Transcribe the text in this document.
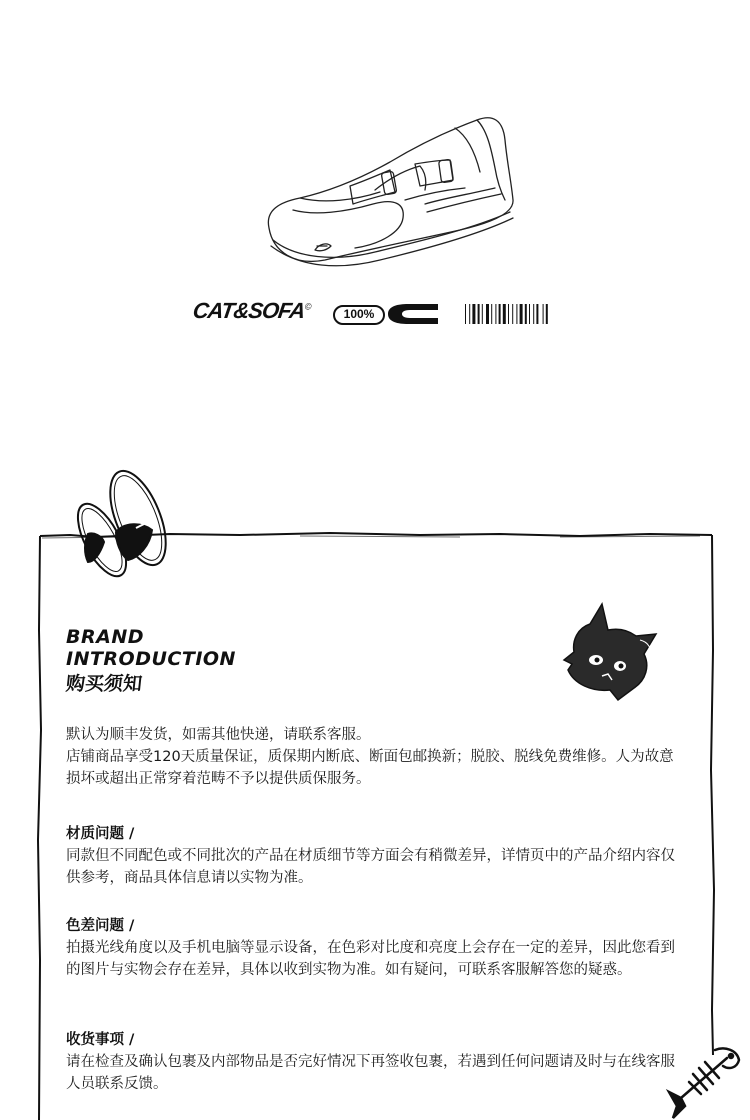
CAT&SOFA©
100%
BRAND
INTRODUCTION
购买须知
默认为顺丰发货，如需其他快递，请联系客服。
店铺商品享受120天质量保证，质保期内断底、断面包邮换新；脱胶、脱线免费维修。人为故意损坏或超出正常穿着范畴不予以提供质保服务。
材质问题 /
同款但不同配色或不同批次的产品在材质细节等方面会有稍微差异，详情页中的产品介绍内容仅供参考，商品具体信息请以实物为准。
色差问题 /
拍摄光线角度以及手机电脑等显示设备，在色彩对比度和亮度上会存在一定的差异，因此您看到的图片与实物会存在差异，具体以收到实物为准。如有疑问，可联系客服解答您的疑惑。
收货事项 /
请在检查及确认包裹及内部物品是否完好情况下再签收包裹，若遇到任何问题请及时与在线客服人员联系反馈。
